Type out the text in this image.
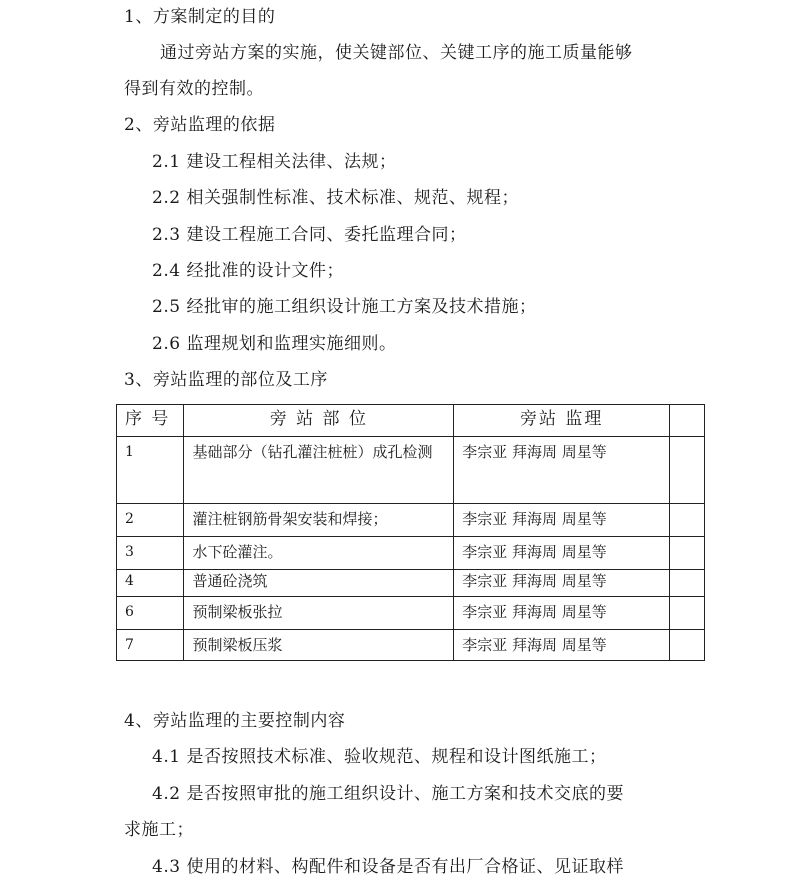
1、方案制定的目的
通过旁站方案的实施，使关键部位、关键工序的施工质量能够
得到有效的控制。
2、旁站监理的依据
2.1 建设工程相关法律、法规；
2.2 相关强制性标准、技术标准、规范、规程；
2.3 建设工程施工合同、委托监理合同；
2.4 经批准的设计文件；
2.5 经批审的施工组织设计施工方案及技术措施；
2.6 监理规划和监理实施细则。
3、旁站监理的部位及工序
序 号	旁 站 部 位	旁站 监理	
1	基础部分（钻孔灌注桩桩）成孔检测	李宗亚 拜海周 周星等	
2	灌注桩钢筋骨架安装和焊接；	李宗亚 拜海周 周星等	
3	水下砼灌注。	李宗亚 拜海周 周星等	
4	普通砼浇筑	李宗亚 拜海周 周星等	
6	预制梁板张拉	李宗亚 拜海周 周星等	
7	预制梁板压浆	李宗亚 拜海周 周星等	
4、旁站监理的主要控制内容
4.1 是否按照技术标准、验收规范、规程和设计图纸施工；
4.2 是否按照审批的施工组织设计、施工方案和技术交底的要
求施工；
4.3 使用的材料、构配件和设备是否有出厂合格证、见证取样
